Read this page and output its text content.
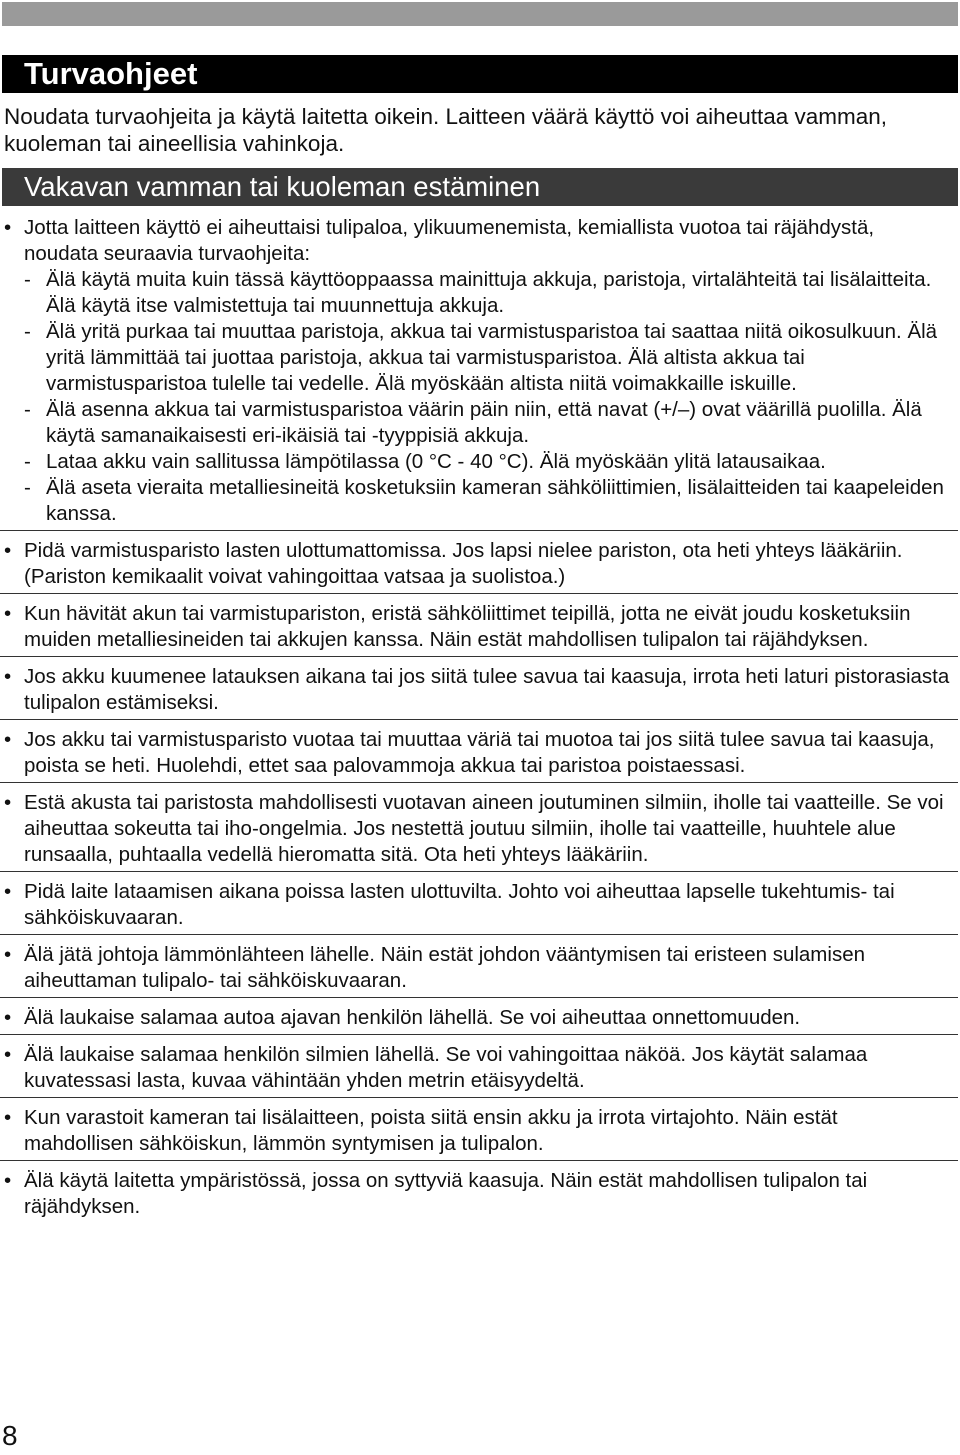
Turvaohjeet

Noudata turvaohjeita ja käytä laitetta oikein. Laitteen väärä käyttö voi aiheuttaa vamman, kuoleman tai aineellisia vahinkoja.

Vakavan vamman tai kuoleman estäminen
• Jotta laitteen käyttö ei aiheuttaisi tulipaloa, ylikuumenemista, kemiallista vuotoa tai räjähdystä, noudata seuraavia turvaohjeita:
- Älä käytä muita kuin tässä käyttöoppaassa mainittuja akkuja, paristoja, virtalähteitä tai lisälaitteita. Älä käytä itse valmistettuja tai muunnettuja akkuja.
- Älä yritä purkaa tai muuttaa paristoja, akkua tai varmistusparistoa tai saattaa niitä oikosulkuun. Älä yritä lämmittää tai juottaa paristoja, akkua tai varmistusparistoa. Älä altista akkua tai varmistusparistoa tulelle tai vedelle. Älä myöskään altista niitä voimakkaille iskuille.
- Älä asenna akkua tai varmistusparistoa väärin päin niin, että navat (+/–) ovat väärillä puolilla. Älä käytä samanaikaisesti eri-ikäisiä tai -tyyppisiä akkuja.
- Lataa akku vain sallitussa lämpötilassa (0 °C - 40 °C). Älä myöskään ylitä latausaikaa.
- Älä aseta vieraita metalliesineitä kosketuksiin kameran sähköliittimien, lisälaitteiden tai kaapeleiden kanssa.
• Pidä varmistusparisto lasten ulottumattomissa. Jos lapsi nielee pariston, ota heti yhteys lääkäriin. (Pariston kemikaalit voivat vahingoittaa vatsaa ja suolistoa.)
• Kun hävität akun tai varmistupariston, eristä sähköliittimet teipillä, jotta ne eivät joudu kosketuksiin muiden metalliesineiden tai akkujen kanssa. Näin estät mahdollisen tulipalon tai räjähdyksen.
• Jos akku kuumenee latauksen aikana tai jos siitä tulee savua tai kaasuja, irrota heti laturi pistorasiasta tulipalon estämiseksi.
• Jos akku tai varmistusparisto vuotaa tai muuttaa väriä tai muotoa tai jos siitä tulee savua tai kaasuja, poista se heti. Huolehdi, ettet saa palovammoja akkua tai paristoa poistaessasi.
• Estä akusta tai paristosta mahdollisesti vuotavan aineen joutuminen silmiin, iholle tai vaatteille. Se voi aiheuttaa sokeutta tai iho-ongelmia. Jos nestettä joutuu silmiin, iholle tai vaatteille, huuhtele alue runsaalla, puhtaalla vedellä hieromatta sitä. Ota heti yhteys lääkäriin.
• Pidä laite lataamisen aikana poissa lasten ulottuvilta. Johto voi aiheuttaa lapselle tukehtumis- tai sähköiskuvaaran.
• Älä jätä johtoja lämmönlähteen lähelle. Näin estät johdon vääntymisen tai eristeen sulamisen aiheuttaman tulipalo- tai sähköiskuvaaran.
• Älä laukaise salamaa autoa ajavan henkilön lähellä. Se voi aiheuttaa onnettomuuden.
• Älä laukaise salamaa henkilön silmien lähellä. Se voi vahingoittaa näköä. Jos käytät salamaa kuvatessasi lasta, kuvaa vähintään yhden metrin etäisyydeltä.
• Kun varastoit kameran tai lisälaitteen, poista siitä ensin akku ja irrota virtajohto. Näin estät mahdollisen sähköiskun, lämmön syntymisen ja tulipalon.
• Älä käytä laitetta ympäristössä, jossa on syttyviä kaasuja. Näin estät mahdollisen tulipalon tai räjähdyksen.
8
